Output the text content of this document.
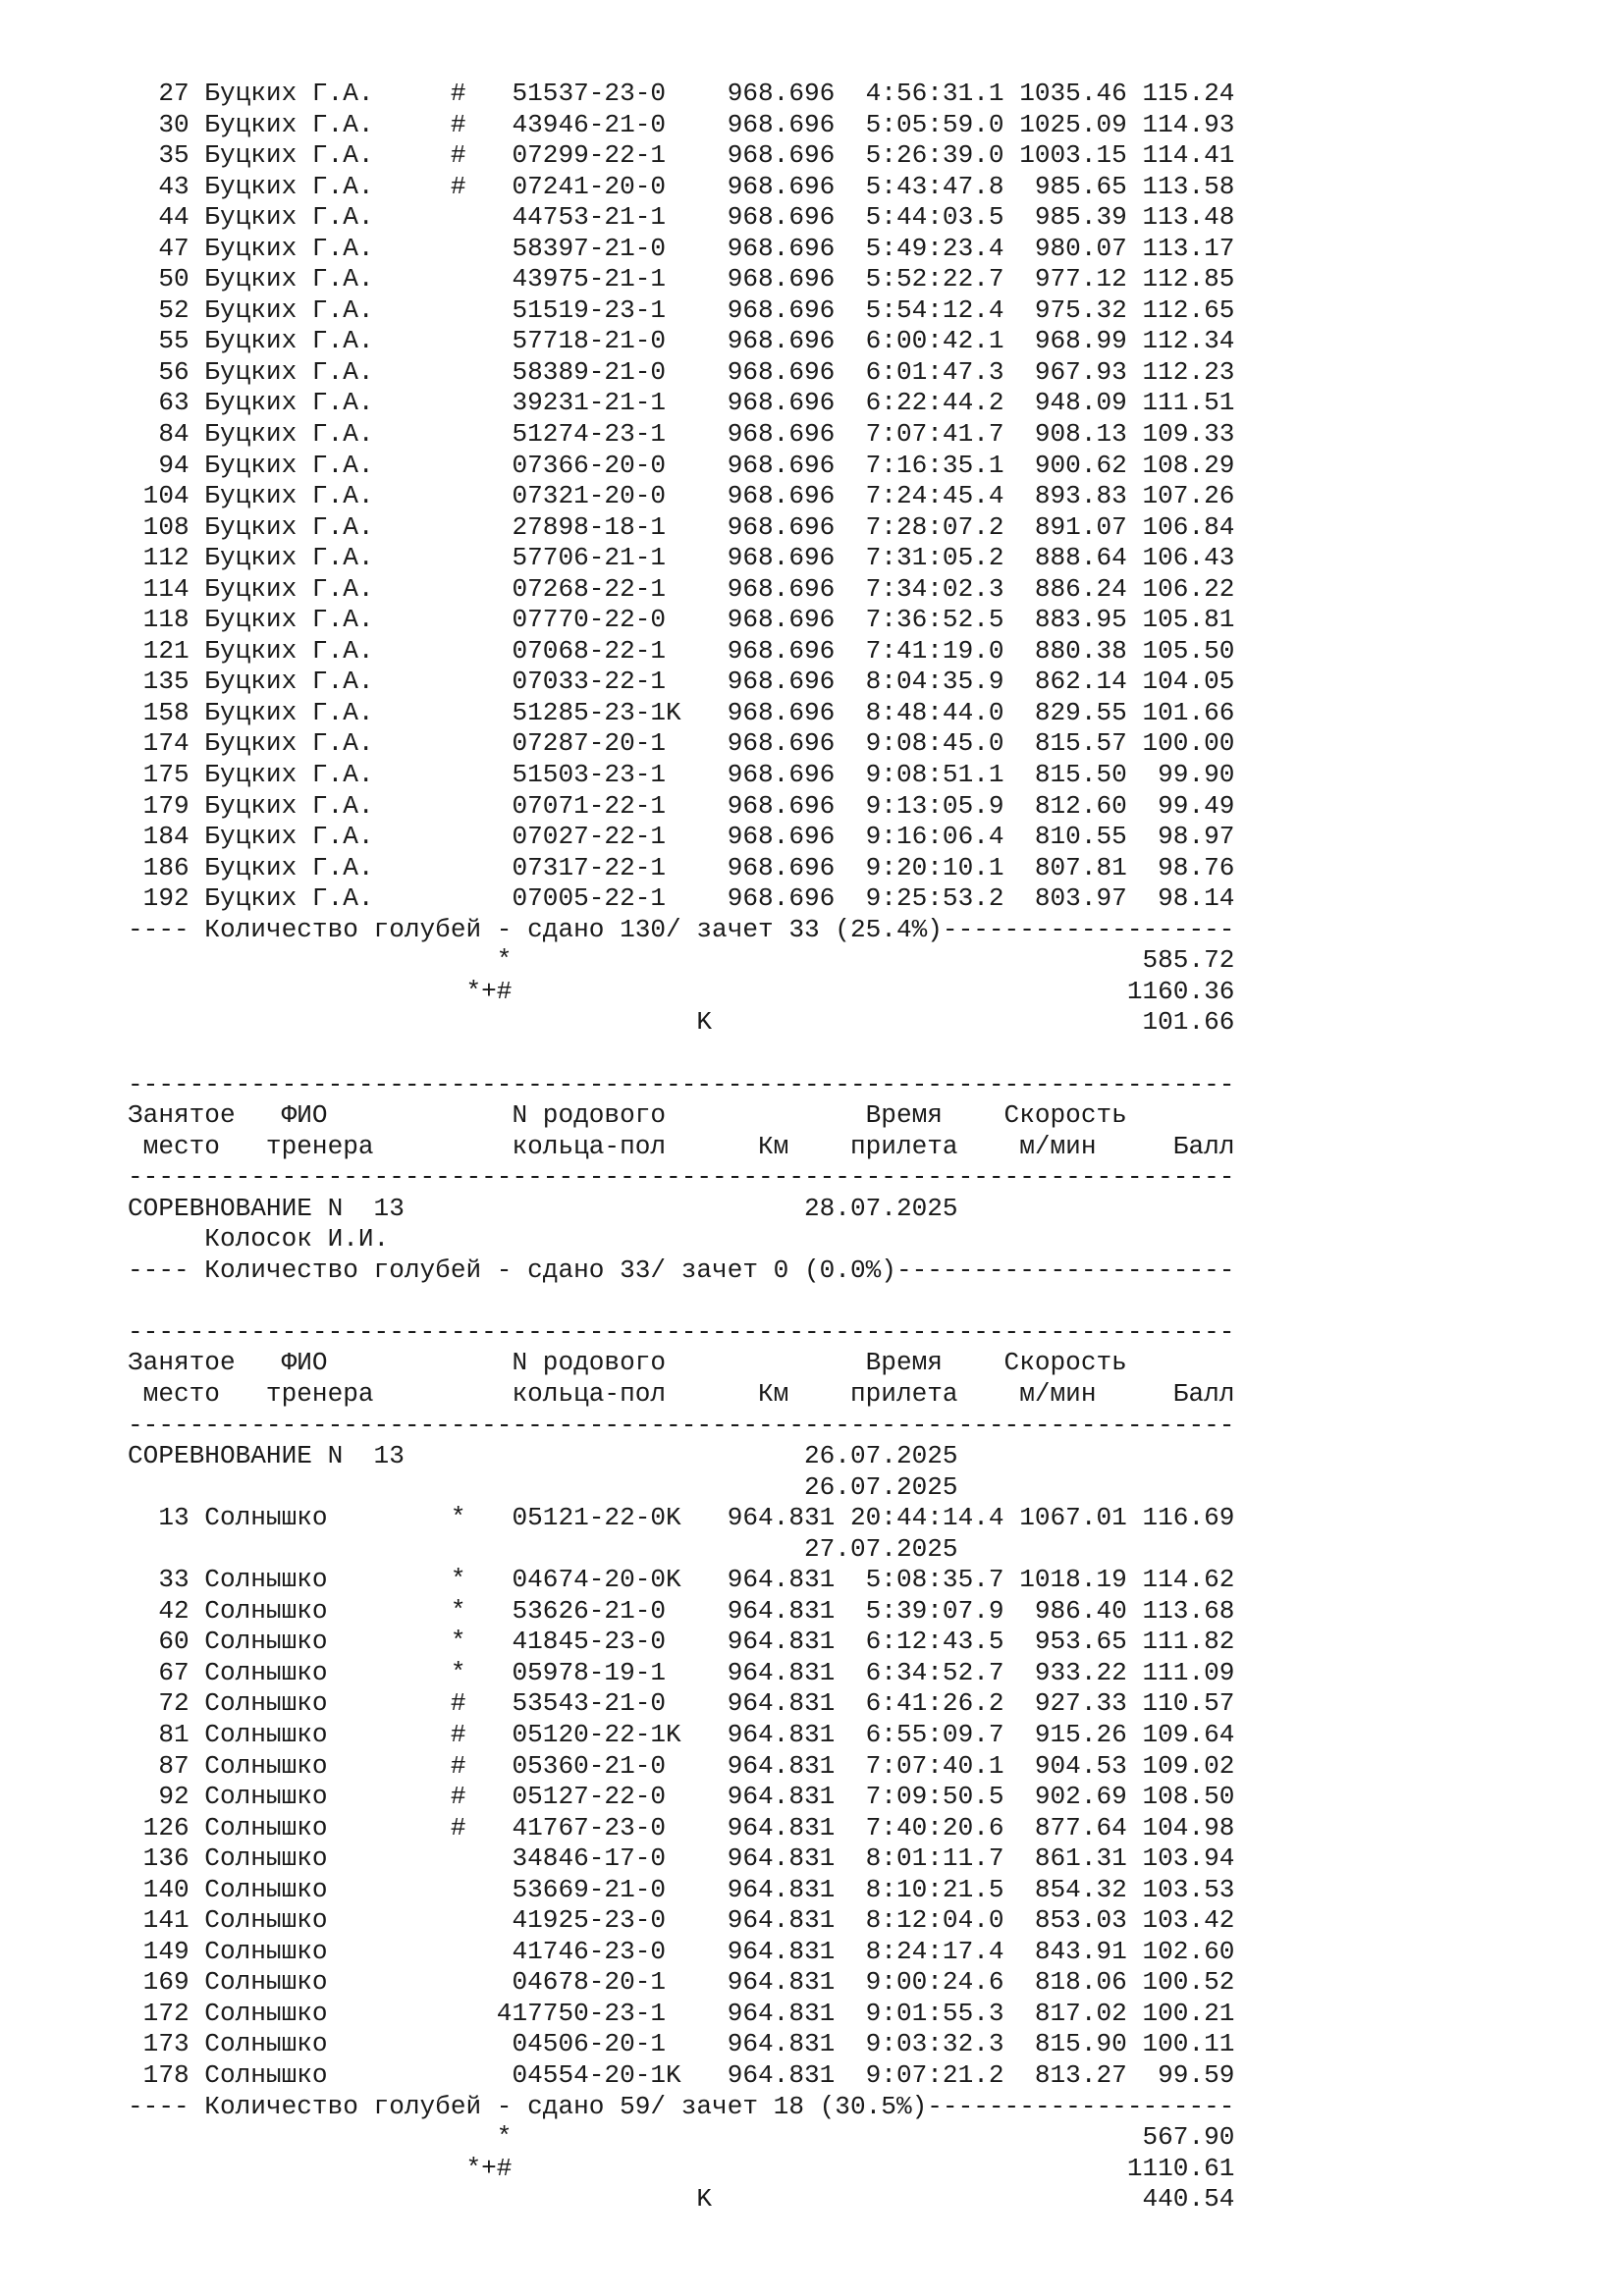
27 Буцких Г.А.     #   51537-23-0    968.696  4:56:31.1 1035.46 115.24
30 Буцких Г.А.     #   43946-21-0    968.696  5:05:59.0 1025.09 114.93
35 Буцких Г.А.     #   07299-22-1    968.696  5:26:39.0 1003.15 114.41
43 Буцких Г.А.     #   07241-20-0    968.696  5:43:47.8  985.65 113.58
44 Буцких Г.А.         44753-21-1    968.696  5:44:03.5  985.39 113.48
47 Буцких Г.А.         58397-21-0    968.696  5:49:23.4  980.07 113.17
50 Буцких Г.А.         43975-21-1    968.696  5:52:22.7  977.12 112.85
52 Буцких Г.А.         51519-23-1    968.696  5:54:12.4  975.32 112.65
55 Буцких Г.А.         57718-21-0    968.696  6:00:42.1  968.99 112.34
56 Буцких Г.А.         58389-21-0    968.696  6:01:47.3  967.93 112.23
63 Буцких Г.А.         39231-21-1    968.696  6:22:44.2  948.09 111.51
84 Буцких Г.А.         51274-23-1    968.696  7:07:41.7  908.13 109.33
94 Буцких Г.А.         07366-20-0    968.696  7:16:35.1  900.62 108.29
104 Буцких Г.А.         07321-20-0    968.696  7:24:45.4  893.83 107.26
108 Буцких Г.А.         27898-18-1    968.696  7:28:07.2  891.07 106.84
112 Буцких Г.А.         57706-21-1    968.696  7:31:05.2  888.64 106.43
114 Буцких Г.А.         07268-22-1    968.696  7:34:02.3  886.24 106.22
118 Буцких Г.А.         07770-22-0    968.696  7:36:52.5  883.95 105.81
121 Буцких Г.А.         07068-22-1    968.696  7:41:19.0  880.38 105.50
135 Буцких Г.А.         07033-22-1    968.696  8:04:35.9  862.14 104.05
158 Буцких Г.А.         51285-23-1K   968.696  8:48:44.0  829.55 101.66
174 Буцких Г.А.         07287-20-1    968.696  9:08:45.0  815.57 100.00
175 Буцких Г.А.         51503-23-1    968.696  9:08:51.1  815.50  99.90
179 Буцких Г.А.         07071-22-1    968.696  9:13:05.9  812.60  99.49
184 Буцких Г.А.         07027-22-1    968.696  9:16:06.4  810.55  98.97
186 Буцких Г.А.         07317-22-1    968.696  9:20:10.1  807.81  98.76
192 Буцких Г.А.         07005-22-1    968.696  9:25:53.2  803.97  98.14
---- Количество голубей - сдано 130/ зачет 33 (25.4%)-------------------
*                                         585.72
*+#                                        1160.36
K                            101.66

------------------------------------------------------------------------
Занятое   ФИО            N родового             Время    Скорость
место   тренера         кольца-пол      Км    прилета    м/мин     Балл
------------------------------------------------------------------------
СОРЕВНОВАНИЕ N  13                          28.07.2025
Колосок И.И.
---- Количество голубей - сдано 33/ зачет 0 (0.0%)----------------------

------------------------------------------------------------------------
Занятое   ФИО            N родового             Время    Скорость
место   тренера         кольца-пол      Км    прилета    м/мин     Балл
------------------------------------------------------------------------
СОРЕВНОВАНИЕ N  13                          26.07.2025
26.07.2025
13 Солнышко        *   05121-22-0K   964.831 20:44:14.4 1067.01 116.69
27.07.2025
33 Солнышко        *   04674-20-0K   964.831  5:08:35.7 1018.19 114.62
42 Солнышко        *   53626-21-0    964.831  5:39:07.9  986.40 113.68
60 Солнышко        *   41845-23-0    964.831  6:12:43.5  953.65 111.82
67 Солнышко        *   05978-19-1    964.831  6:34:52.7  933.22 111.09
72 Солнышко        #   53543-21-0    964.831  6:41:26.2  927.33 110.57
81 Солнышко        #   05120-22-1K   964.831  6:55:09.7  915.26 109.64
87 Солнышко        #   05360-21-0    964.831  7:07:40.1  904.53 109.02
92 Солнышко        #   05127-22-0    964.831  7:09:50.5  902.69 108.50
126 Солнышко        #   41767-23-0    964.831  7:40:20.6  877.64 104.98
136 Солнышко            34846-17-0    964.831  8:01:11.7  861.31 103.94
140 Солнышко            53669-21-0    964.831  8:10:21.5  854.32 103.53
141 Солнышко            41925-23-0    964.831  8:12:04.0  853.03 103.42
149 Солнышко            41746-23-0    964.831  8:24:17.4  843.91 102.60
169 Солнышко            04678-20-1    964.831  9:00:24.6  818.06 100.52
172 Солнышко           417750-23-1    964.831  9:01:55.3  817.02 100.21
173 Солнышко            04506-20-1    964.831  9:03:32.3  815.90 100.11
178 Солнышко            04554-20-1K   964.831  9:07:21.2  813.27  99.59
---- Количество голубей - сдано 59/ зачет 18 (30.5%)--------------------
*                                         567.90
*+#                                        1110.61
K                            440.54
